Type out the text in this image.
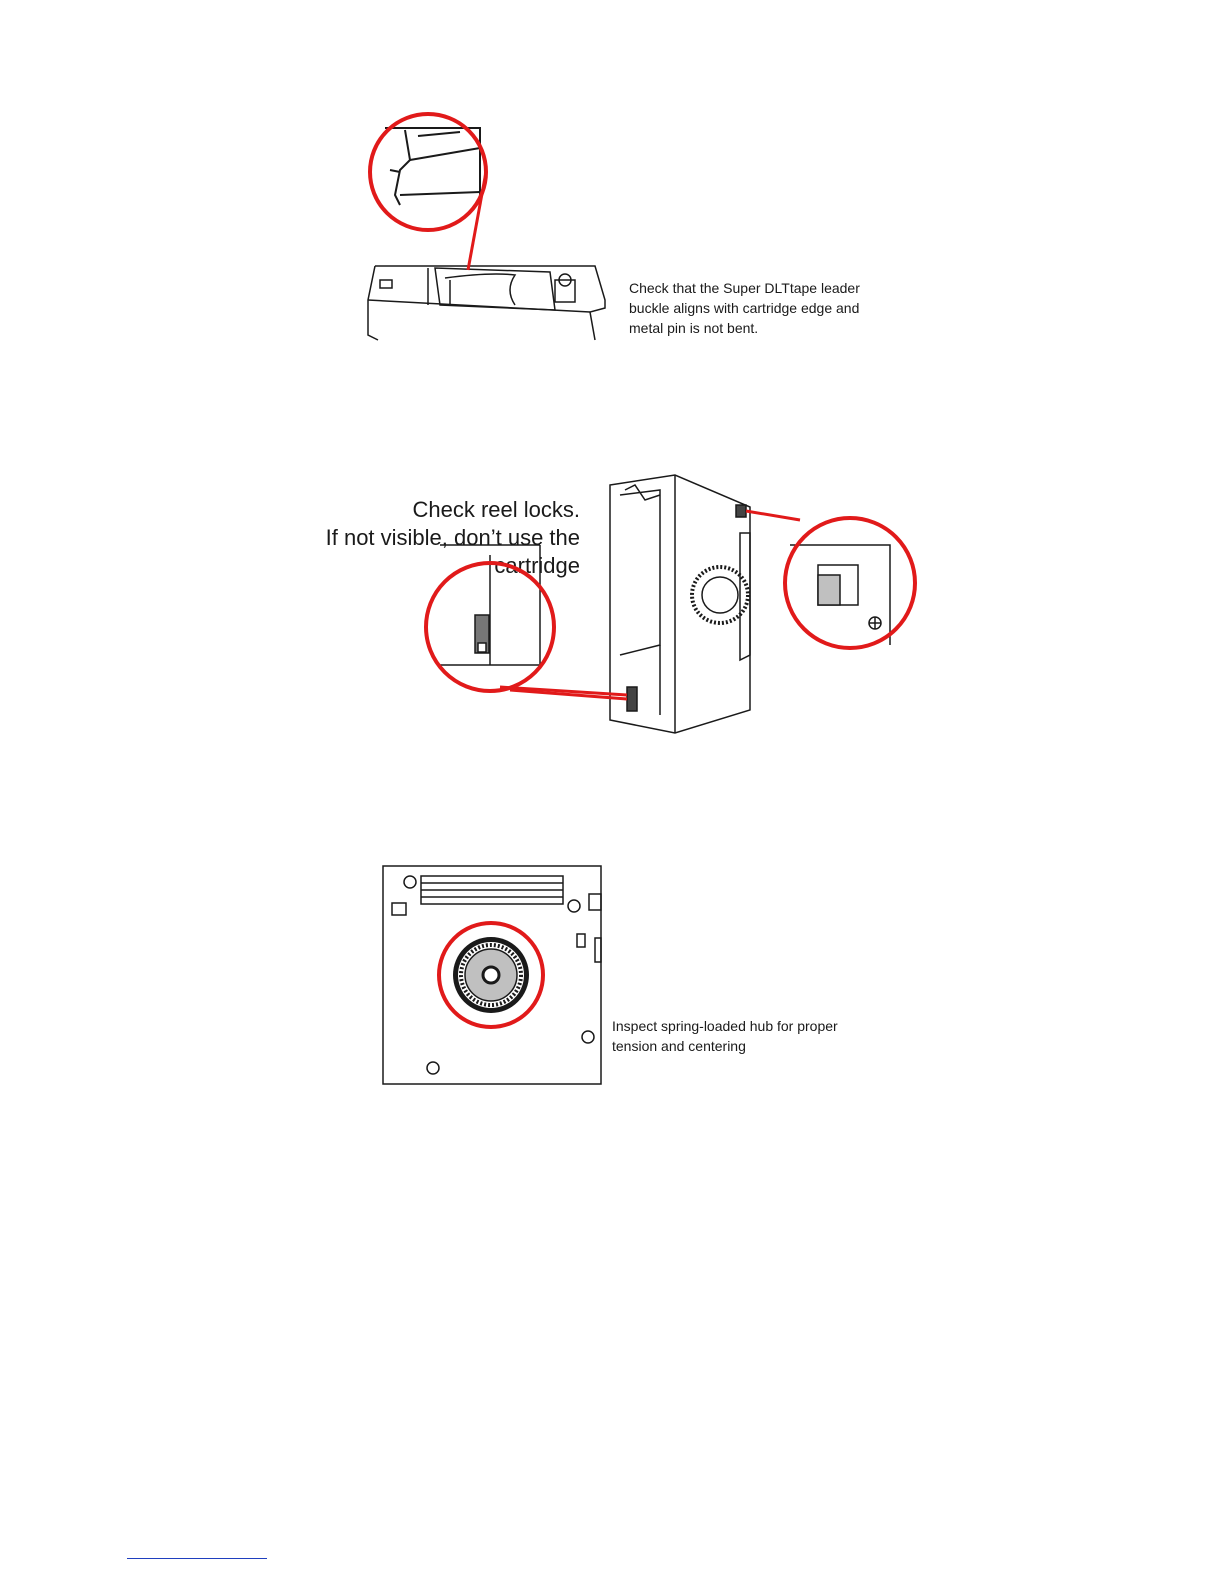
Check that the Super DLTtape leader buckle aligns with cartridge edge and metal pin is not bent.

Check reel locks.

If not visible, don’t use the cartridge

Inspect spring-loaded hub for proper tension and centering
